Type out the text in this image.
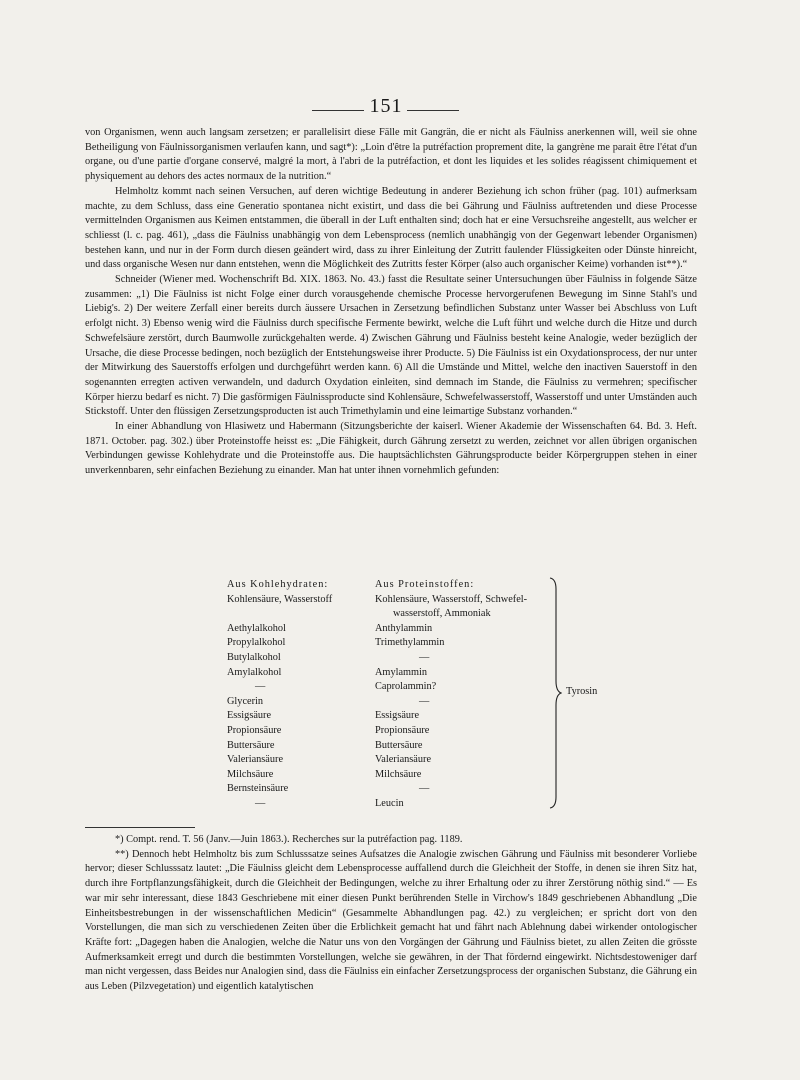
151

von Organismen, wenn auch langsam zersetzen; er parallelisirt diese Fälle mit Gangrän, die er nicht als Fäulniss anerkennen will, weil sie ohne Betheiligung von Fäulnissorganismen verlaufen kann, und sagt*): „Loin d'être la putréfaction proprement dite, la gangrène me parait être l'état d'un organe, ou d'une partie d'organe conservé, malgré la mort, à l'abri de la putréfaction, et dont les liquides et les solides réagissent chimiquement et physiquement au dehors des actes normaux de la nutrition.“

Helmholtz kommt nach seinen Versuchen, auf deren wichtige Bedeutung in anderer Beziehung ich schon früher (pag. 101) aufmerksam machte, zu dem Schluss, dass eine Generatio spontanea nicht existirt, und dass die bei Gährung und Fäulniss auftretenden und diese Processe vermittelnden Organismen aus Keimen entstammen, die überall in der Luft enthalten sind; doch hat er eine Versuchsreihe angestellt, aus welcher er schliesst (l. c. pag. 461), „dass die Fäulniss unabhängig von dem Lebensprocess (nemlich unabhängig von der Gegenwart lebender Organismen) bestehen kann, und nur in der Form durch diesen geändert wird, dass zu ihrer Einleitung der Zutritt faulender Flüssigkeiten oder Dünste hinreicht, und dass organische Wesen nur dann entstehen, wenn die Möglichkeit des Zutritts fester Körper (also auch organischer Keime) vorhanden ist**).“

Schneider (Wiener med. Wochenschrift Bd. XIX. 1863. No. 43.) fasst die Resultate seiner Untersuchungen über Fäulniss in folgende Sätze zusammen: „1) Die Fäulniss ist nicht Folge einer durch vorausgehende chemische Processe hervorgerufenen Bewegung im Sinne Stahl's und Liebig's. 2) Der weitere Zerfall einer bereits durch äussere Ursachen in Zersetzung befindlichen Substanz unter Wasser bei Abschluss von Luft erfolgt nicht. 3) Ebenso wenig wird die Fäulniss durch specifische Fermente bewirkt, welche die Luft führt und welche durch die Hitze und durch Schwefelsäure zerstört, durch Baumwolle zurückgehalten werde. 4) Zwischen Gährung und Fäulniss besteht keine Analogie, weder bezüglich der Ursache, die diese Processe bedingen, noch bezüglich der Entstehungsweise ihrer Producte. 5) Die Fäulniss ist ein Oxydationsprocess, der nur unter der Mitwirkung des Sauerstoffs erfolgen und durchgeführt werden kann. 6) All die Umstände und Mittel, welche den inactiven Sauerstoff in den sogenannten erregten activen verwandeln, und dadurch Oxydation einleiten, sind demnach im Stande, die Fäulniss zu vermehren; specifischer Körper hierzu bedarf es nicht. 7) Die gasförmigen Fäulnissproducte sind Kohlensäure, Schwefelwasserstoff, Wasserstoff und unter Umständen auch Stickstoff. Unter den flüssigen Zersetzungsproducten ist auch Trimethylamin und eine leimartige Substanz vorhanden.“

In einer Abhandlung von Hlasiwetz und Habermann (Sitzungsberichte der kaiserl. Wiener Akademie der Wissenschaften 64. Bd. 3. Heft. 1871. October. pag. 302.) über Proteinstoffe heisst es: „Die Fähigkeit, durch Gährung zersetzt zu werden, zeichnet vor allen übrigen organischen Verbindungen gewisse Kohlehydrate und die Proteinstoffe aus. Die hauptsächlichsten Gährungsproducte beider Körpergruppen stehen in einer unverkennbaren, sehr einfachen Beziehung zu einander. Man hat unter ihnen vornehmlich gefunden:

Aus Kohlehydraten:
Kohlensäure, Wasserstoff

Aethylalkohol
Propylalkohol
Butylalkohol
Amylalkohol
—
Glycerin
Essigsäure
Propionsäure
Buttersäure
Valeriansäure
Milchsäure
Bernsteinsäure
—
Aus Proteinstoffen:
Kohlensäure, Wasserstoff, Schwefel-
wasserstoff, Ammoniak
Anthylammin
Trimethylammin
—
Amylammin
Caprolammin?
—
Essigsäure
Propionsäure
Buttersäure
Valeriansäure
Milchsäure
—
Leucin
Tyrosin

*) Compt. rend. T. 56 (Janv.—Juin 1863.). Recherches sur la putréfaction pag. 1189.

**) Dennoch hebt Helmholtz bis zum Schlusssatze seines Aufsatzes die Analogie zwischen Gährung und Fäulniss mit besonderer Vorliebe hervor; dieser Schlusssatz lautet: „Die Fäulniss gleicht dem Lebensprocesse auffallend durch die Gleichheit der Stoffe, in denen sie ihren Sitz hat, durch ihre Fortpflanzungsfähigkeit, durch die Gleichheit der Bedingungen, welche zu ihrer Erhaltung oder zu ihrer Zerstörung nöthig sind.“ — Es war mir sehr interessant, diese 1843 Geschriebene mit einer diesen Punkt berührenden Stelle in Virchow's 1849 geschriebenen Abhandlung „Die Einheitsbestrebungen in der wissenschaftlichen Medicin“ (Gesammelte Abhandlungen pag. 42.) zu vergleichen; er spricht dort von den Vorstellungen, die man sich zu verschiedenen Zeiten über die Erblichkeit gemacht hat und fährt nach Ablehnung dabei wirkender ontologischer Kräfte fort: „Dagegen haben die Analogien, welche die Natur uns von den Vorgängen der Gährung und Fäulniss bietet, zu allen Zeiten die grösste Aufmerksamkeit erregt und durch die bestimmten Vorstellungen, welche sie gewähren, in der That fördernd eingewirkt. Nichtsdestoweniger darf man nicht vergessen, dass Beides nur Analogien sind, dass die Fäulniss ein einfacher Zersetzungsprocess der organischen Substanz, die Gährung ein aus Leben (Pilzvegetation) und eigentlich katalytischen
